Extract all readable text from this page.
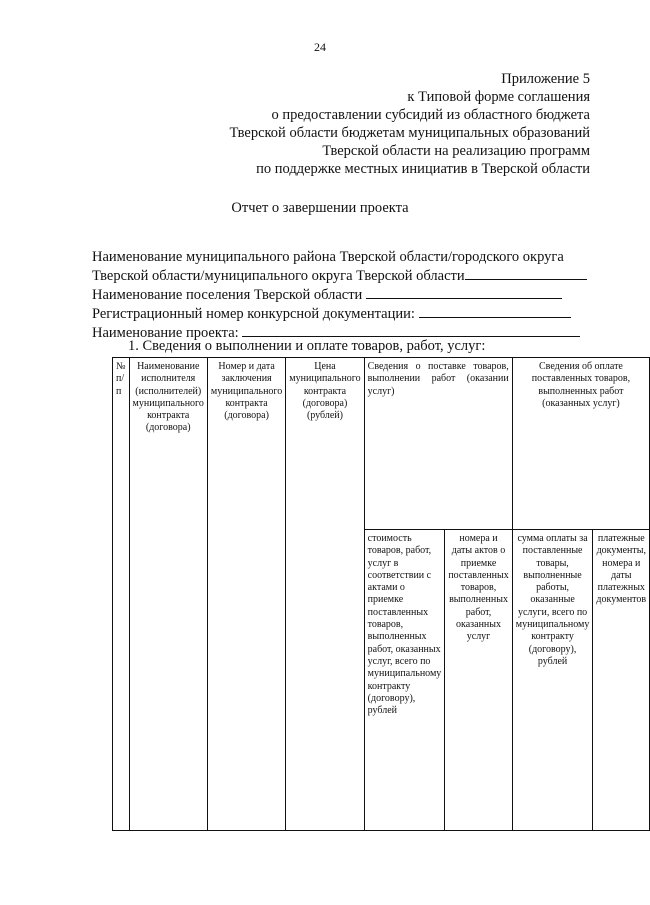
24
Приложение 5
к Типовой форме соглашения
о предоставлении субсидий из областного бюджета
Тверской области бюджетам муниципальных образований
Тверской области на реализацию программ
по поддержке местных инициатив в Тверской области
Отчет о завершении проекта
Наименование муниципального района Тверской области/городского округа
Тверской области/муниципального округа Тверской области
Наименование поселения Тверской области
Регистрационный номер конкурсной документации:
Наименование проекта:
1. Сведения о выполнении и оплате товаров, работ, услуг:
№ п/п	Наименование исполнителя (исполнителей) муниципального контракта (договора)	Номер и дата заключения муниципального контракта (договора)	Цена муниципального контракта (договора) (рублей)	Сведения о поставке товаров, выполнении работ (оказании услуг)		Сведения об оплате поставленных товаров, выполненных работ (оказанных услуг)	

				стоимость товаров, работ, услуг в соответствии с актами о приемке поставленных товаров, выполненных работ, оказанных услуг, всего по муниципальному контракту (договору), рублей	номера и даты актов о приемке поставленных товаров, выполненных работ, оказанных услуг	сумма оплаты за поставленные товары, выполненные работы, оказанные услуги, всего по муниципальному контракту (договору), рублей	платежные документы, номера и даты платежных документов
